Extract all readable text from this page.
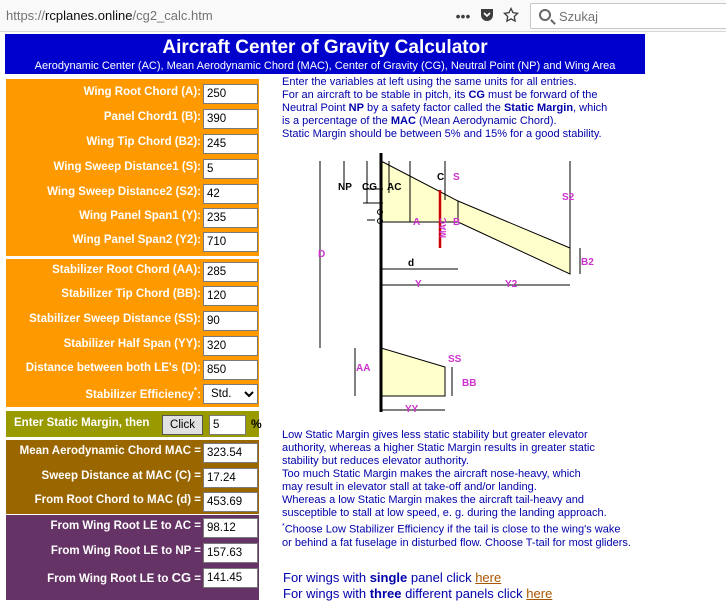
https://rcplanes.online/cg2_calc.htm	•••	Szukaj
Aircraft Center of Gravity Calculator
Aerodynamic Center (AC), Mean Aerodynamic Chord (MAC), Center of Gravity (CG), Neutral Point (NP) and Wing Area
Wing Root Chord (A):
250
Panel Chord1 (B):
390
Wing Tip Chord (B2):
245
Wing Sweep Distance1 (S):
5
Wing Sweep Distance2 (S2):
42
Wing Panel Span1 (Y):
235
Wing Panel Span2 (Y2):
710
Stabilizer Root Chord (AA):
285
Stabilizer Tip Chord (BB):
120
Stabilizer Sweep Distance (SS):
90
Stabilizer Half Span (YY):
320
Distance between both LE's (D):
850
Stabilizer Efficiency*:
Std.
Enter Static Margin, then	Click
5	%
Mean Aerodynamic Chord MAC =
323.54
Sweep Distance at MAC (C) =
17.24
From Root Chord to MAC (d) =
453.69
From Wing Root LE to AC =
98.12
From Wing Root LE to NP =
157.63
From Wing Root LE to CG =
141.45
Enter the variables at left using the same units for all entries.
For an aircraft to be stable in pitch, its CG must be forward of the
Neutral Point NP by a safety factor called the Static Margin, which
is a percentage of the MAC (Mean Aerodynamic Chord).
Static Margin should be between 5% and 15% for a good stability.
NP CG AC
C S
S2
A	B
MAC
B2
d
Y	Y2
D
SS
AA
BB
YY
Low Static Margin gives less static stability but greater elevator
authority, whereas a higher Static Margin results in greater static
stability but reduces elevator authority.
Too much Static Margin makes the aircraft nose-heavy, which
may result in elevator stall at take-off and/or landing.
Whereas a low Static Margin makes the aircraft tail-heavy and
susceptible to stall at low speed, e. g. during the landing approach.
*Choose Low Stabilizer Efficiency if the tail is close to the wing's wake
or behind a fat fuselage in disturbed flow. Choose T-tail for most gliders.
For wings with single panel click here
For wings with three different panels click here
